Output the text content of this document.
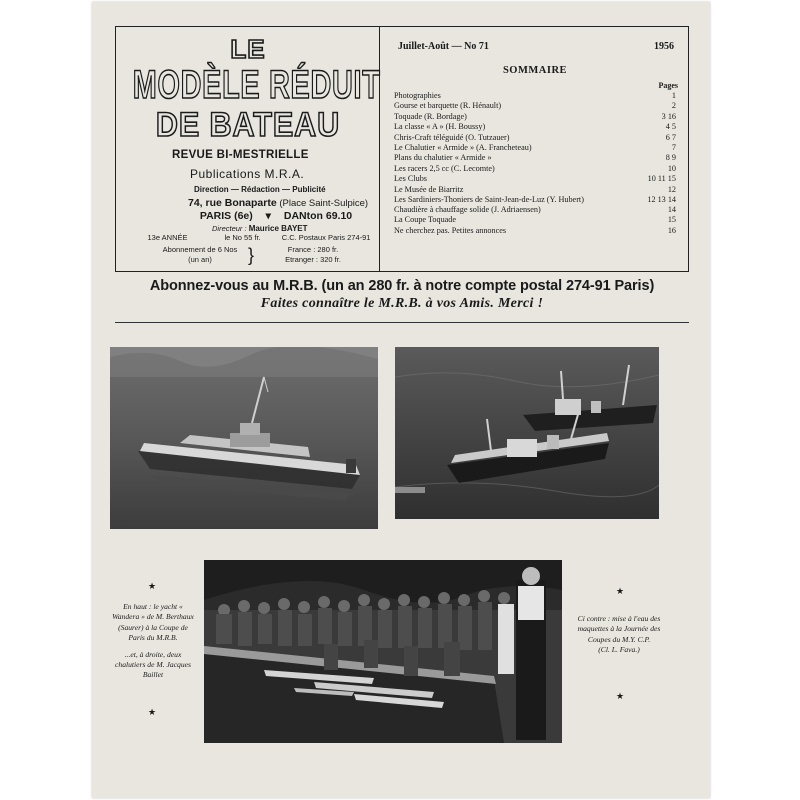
LE
MODÈLE RÉDUIT
DE BATEAU
REVUE BI-MESTRIELLE
Publications M.R.A.
Direction — Rédaction — Publicité
74, rue Bonaparte (Place Saint-Sulpice)
PARIS (6e) ▾ DANton 69.10
Directeur : Maurice BAYET
13e ANNÉE	le No 55 fr.	C.C. Postaux Paris 274-91
Abonnement de 6 Nos
(un an)	}	France : 280 fr.
Etranger : 320 fr.
Juillet-Août — No 71	1956
SOMMAIRE
Pages
Photographies	1
Gourse et barquette (R. Hénault)	2
Toquade (R. Bordage)	3 16
La classe « A » (H. Boussy)	4 5
Chris-Craft téléguidé (O. Tutzauer)	6 7
Le Chalutier « Armide » (A. Francheteau)	7
Plans du chalutier « Armide »	8 9
Les racers 2,5 cc (C. Lecomte)	10
Les Clubs	10 11 15
Le Musée de Biarritz	12
Les Sardiniers-Thoniers de Saint-Jean-de-Luz (Y. Hubert)	12 13 14
Chaudière à chauffage solide (J. Adriaensen)	14
La Coupe Toquade	15
Ne cherchez pas. Petites annonces	16
Abonnez-vous au M.R.B. (un an 280 fr. à notre compte postal 274-91 Paris)
Faites connaître le M.R.B. à vos Amis. Merci !
★
★
★
★

En haut : le yacht « Wandera » de M. Berthaux (Saurer) à la Coupe de Paris du M.R.B.

...et, à droite, deux chalutiers de M. Jacques Baillet

Ci contre : mise à l'eau des maquettes à la Journée des Coupes du M.Y. C.P.

(Cl. L. Fava.)
